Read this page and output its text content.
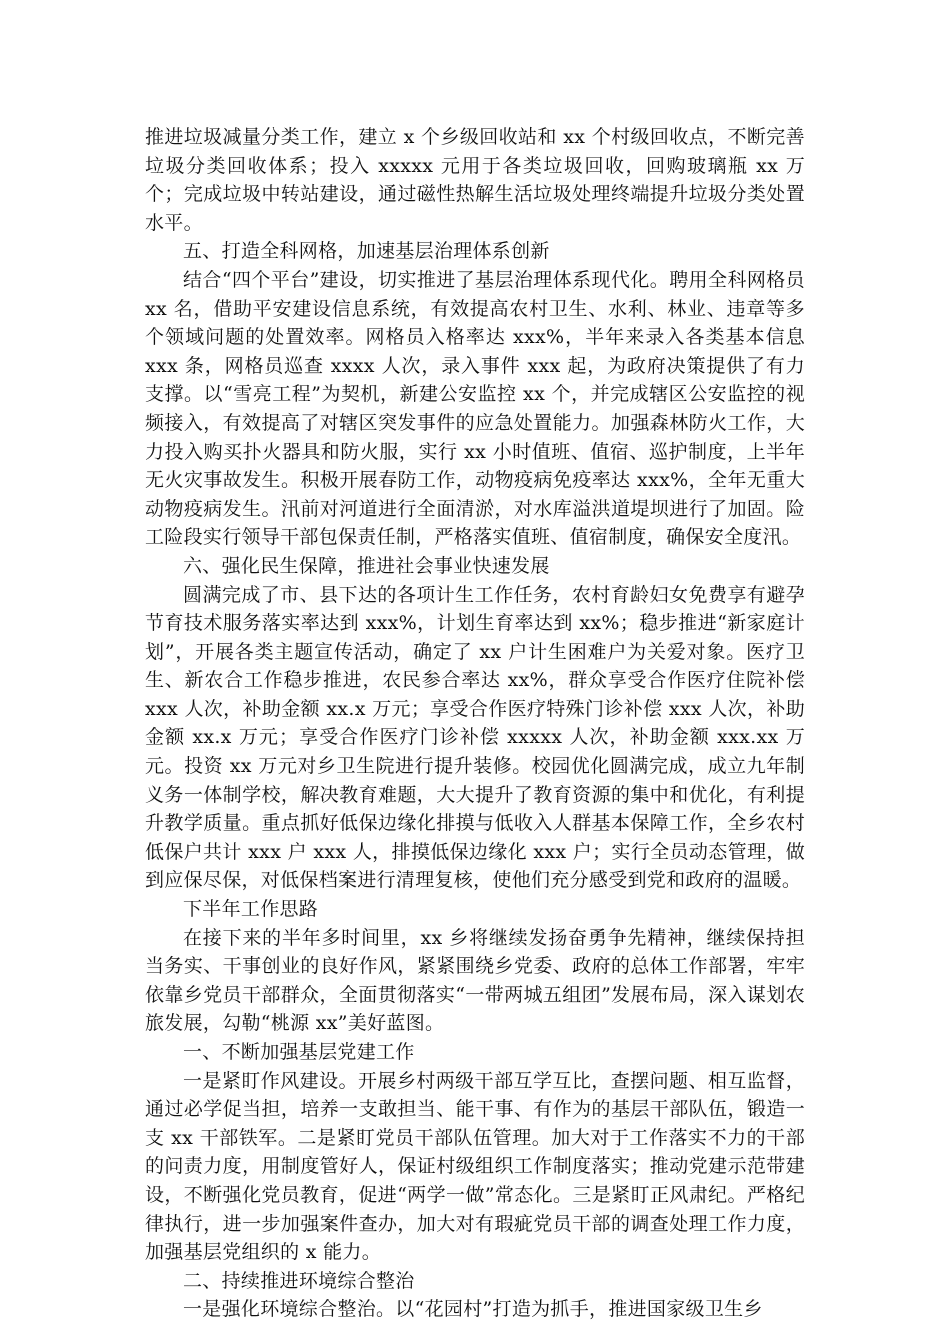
推进垃圾减量分类工作，建立 x 个乡级回收站和 xx 个村级回收点，不断完善垃圾分类回收体系；投入 xxxxx 元用于各类垃圾回收，回购玻璃瓶 xx 万个；完成垃圾中转站建设，通过磁性热解生活垃圾处理终端提升垃圾分类处置水平。

五、打造全科网格，加速基层治理体系创新

结合“四个平台”建设，切实推进了基层治理体系现代化。聘用全科网格员 xx 名，借助平安建设信息系统，有效提高农村卫生、水利、林业、违章等多个领域问题的处置效率。网格员入格率达 xxx%，半年来录入各类基本信息 xxx 条，网格员巡查 xxxx 人次，录入事件 xxx 起，为政府决策提供了有力支撑。以“雪亮工程”为契机，新建公安监控 xx 个，并完成辖区公安监控的视频接入，有效提高了对辖区突发事件的应急处置能力。加强森林防火工作，大力投入购买扑火器具和防火服，实行 xx 小时值班、值宿、巡护制度，上半年无火灾事故发生。积极开展春防工作，动物疫病免疫率达 xxx%，全年无重大动物疫病发生。汛前对河道进行全面清淤，对水库溢洪道堤坝进行了加固。险工险段实行领导干部包保责任制，严格落实值班、值宿制度，确保安全度汛。

六、强化民生保障，推进社会事业快速发展

圆满完成了市、县下达的各项计生工作任务，农村育龄妇女免费享有避孕节育技术服务落实率达到 xxx%，计划生育率达到 xx%；稳步推进“新家庭计划”，开展各类主题宣传活动，确定了 xx 户计生困难户为关爱对象。医疗卫生、新农合工作稳步推进，农民参合率达 xx%，群众享受合作医疗住院补偿 xxx 人次，补助金额 xx.x 万元；享受合作医疗特殊门诊补偿 xxx 人次，补助金额 xx.x 万元；享受合作医疗门诊补偿 xxxxx 人次，补助金额 xxx.xx 万元。投资 xx 万元对乡卫生院进行提升装修。校园优化圆满完成，成立九年制义务一体制学校，解决教育难题，大大提升了教育资源的集中和优化，有利提升教学质量。重点抓好低保边缘化排摸与低收入人群基本保障工作，全乡农村低保户共计 xxx 户 xxx 人，排摸低保边缘化 xxx 户；实行全员动态管理，做到应保尽保，对低保档案进行清理复核，使他们充分感受到党和政府的温暖。

下半年工作思路

在接下来的半年多时间里，xx 乡将继续发扬奋勇争先精神，继续保持担当务实、干事创业的良好作风，紧紧围绕乡党委、政府的总体工作部署，牢牢依靠乡党员干部群众，全面贯彻落实“一带两城五组团”发展布局，深入谋划农旅发展，勾勒“桃源 xx”美好蓝图。

一、不断加强基层党建工作

一是紧盯作风建设。开展乡村两级干部互学互比，查摆问题、相互监督，通过必学促当担，培养一支敢担当、能干事、有作为的基层干部队伍，锻造一支 xx 干部铁军。二是紧盯党员干部队伍管理。加大对于工作落实不力的干部的问责力度，用制度管好人，保证村级组织工作制度落实；推动党建示范带建设，不断强化党员教育，促进“两学一做”常态化。三是紧盯正风肃纪。严格纪律执行，进一步加强案件查办，加大对有瑕疵党员干部的调查处理工作力度，加强基层党组织的 x 能力。

二、持续推进环境综合整治

一是强化环境综合整治。以“花园村”打造为抓手，推进国家级卫生乡
